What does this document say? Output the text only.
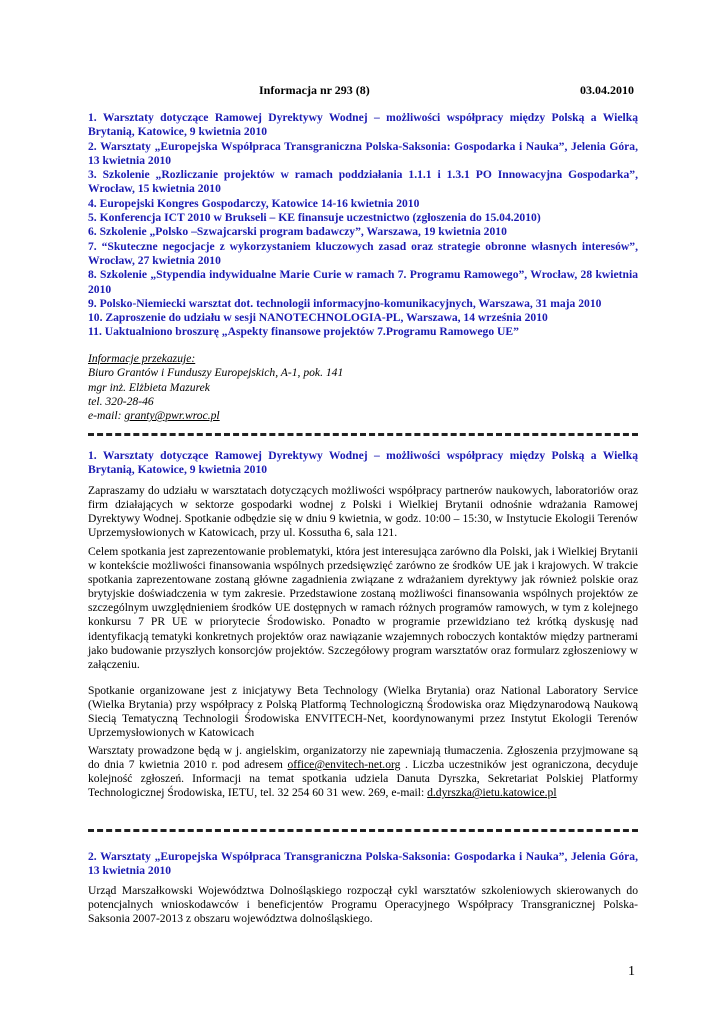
Informacja nr 293 (8)	03.04.2010
1. Warsztaty dotyczące Ramowej Dyrektywy Wodnej – możliwości współpracy między Polską a Wielką Brytanią, Katowice, 9 kwietnia 2010
2. Warsztaty „Europejska Współpraca Transgraniczna Polska-Saksonia: Gospodarka i Nauka”, Jelenia Góra, 13 kwietnia 2010
3. Szkolenie „Rozliczanie projektów w ramach poddziałania 1.1.1 i 1.3.1 PO Innowacyjna Gospodarka”, Wrocław, 15 kwietnia 2010
4. Europejski Kongres Gospodarczy, Katowice 14-16 kwietnia 2010
5. Konferencja ICT 2010 w Brukseli – KE finansuje uczestnictwo (zgłoszenia do 15.04.2010)
6. Szkolenie „Polsko –Szwajcarski program badawczy”, Warszawa, 19 kwietnia 2010
7. “Skuteczne negocjacje z wykorzystaniem kluczowych zasad oraz strategie obronne własnych interesów”, Wrocław, 27 kwietnia 2010
8. Szkolenie „Stypendia indywidualne Marie Curie w ramach 7. Programu Ramowego”, Wrocław, 28 kwietnia 2010
9. Polsko-Niemiecki warsztat dot. technologii informacyjno-komunikacyjnych, Warszawa, 31 maja 2010
10. Zaproszenie do udziału w sesji NANOTECHNOLOGIA-PL, Warszawa, 14 września 2010
11. Uaktualniono broszurę „Aspekty finansowe projektów 7.Programu Ramowego UE”
Informacje przekazuje:
Biuro Grantów i Funduszy Europejskich, A-1, pok. 141
mgr inż. Elżbieta Mazurek
tel. 320-28-46
e-mail: granty@pwr.wroc.pl
1. Warsztaty dotyczące Ramowej Dyrektywy Wodnej – możliwości współpracy między Polską a Wielką Brytanią, Katowice, 9 kwietnia 2010
Zapraszamy do udziału w warsztatach dotyczących możliwości współpracy partnerów naukowych, laboratoriów oraz firm działających w sektorze gospodarki wodnej z Polski i Wielkiej Brytanii odnośnie wdrażania Ramowej Dyrektywy Wodnej. Spotkanie odbędzie się w dniu 9 kwietnia, w godz. 10:00 – 15:30, w Instytucie Ekologii Terenów Uprzemysłowionych w Katowicach, przy ul. Kossutha 6, sala 121.
Celem spotkania jest zaprezentowanie problematyki, która jest interesująca zarówno dla Polski, jak i Wielkiej Brytanii w kontekście możliwości finansowania wspólnych przedsięwzięć zarówno ze środków UE jak i krajowych. W trakcie spotkania zaprezentowane zostaną główne zagadnienia związane z wdrażaniem dyrektywy jak również polskie oraz brytyjskie doświadczenia w tym zakresie. Przedstawione zostaną możliwości finansowania wspólnych projektów ze szczególnym uwzględnieniem środków UE dostępnych w ramach różnych programów ramowych, w tym z kolejnego konkursu 7 PR UE w priorytecie Środowisko. Ponadto w programie przewidziano też krótką dyskusję nad identyfikacją tematyki konkretnych projektów oraz nawiązanie wzajemnych roboczych kontaktów między partnerami jako budowanie przyszłych konsorcjów projektów. Szczegółowy program warsztatów oraz formularz zgłoszeniowy w załączeniu.
Spotkanie organizowane jest z inicjatywy Beta Technology (Wielka Brytania) oraz National Laboratory Service (Wielka Brytania) przy współpracy z Polską Platformą Technologiczną Środowiska oraz Międzynarodową Naukową Siecią Tematyczną Technologii Środowiska ENVITECH-Net, koordynowanymi przez Instytut Ekologii Terenów Uprzemysłowionych w Katowicach
Warsztaty prowadzone będą w j. angielskim, organizatorzy nie zapewniają tłumaczenia. Zgłoszenia przyjmowane są do dnia 7 kwietnia 2010 r. pod adresem office@envitech-net.org . Liczba uczestników jest ograniczona, decyduje kolejność zgłoszeń. Informacji na temat spotkania udziela Danuta Dyrszka, Sekretariat Polskiej Platformy Technologicznej Środowiska, IETU, tel. 32 254 60 31 wew. 269, e-mail: d.dyrszka@ietu.katowice.pl
2. Warsztaty „Europejska Współpraca Transgraniczna Polska-Saksonia: Gospodarka i Nauka”, Jelenia Góra, 13 kwietnia 2010
Urząd Marszałkowski Województwa Dolnośląskiego rozpoczął cykl warsztatów szkoleniowych skierowanych do potencjalnych wnioskodawców i beneficjentów Programu Operacyjnego Współpracy Transgranicznej Polska-Saksonia 2007-2013 z obszaru województwa dolnośląskiego.
1
